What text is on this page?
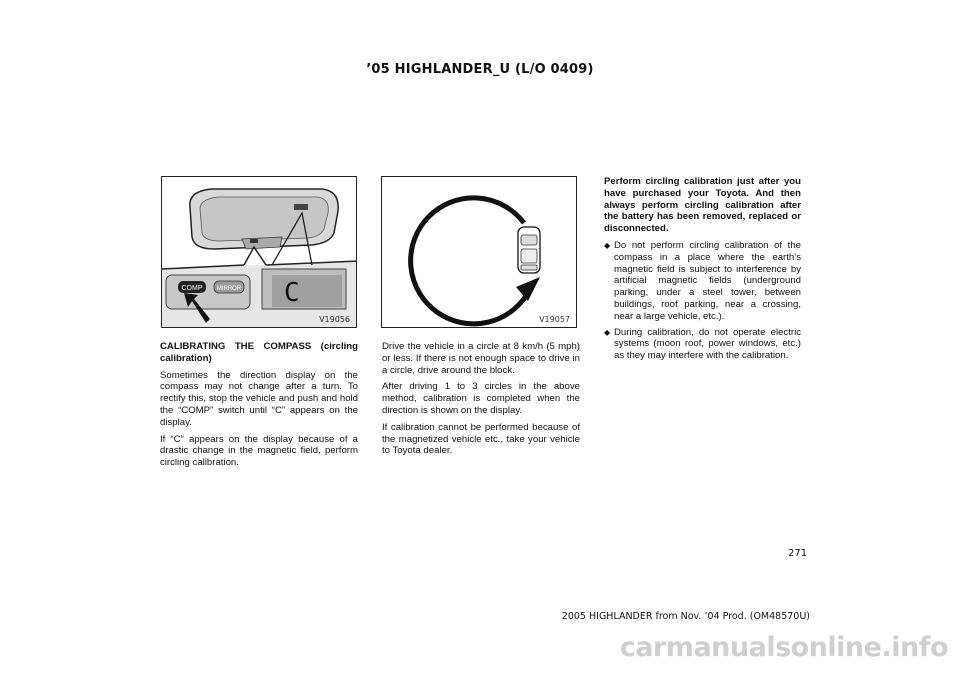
’05 HIGHLANDER_U (L/O 0409)
COMP MIRROR C
V19056	V19057

CALIBRATING THE COMPASS (circling calibration)

Sometimes the direction display on the compass may not change after a turn. To rectify this, stop the vehicle and push and hold the “COMP” switch until “C” appears on the display.

If “C” appears on the display because of a drastic change in the magnetic field, perform circling calibration.

Drive the vehicle in a circle at 8 km/h (5 mph) or less. If there is not enough space to drive in a circle, drive around the block.

After driving 1 to 3 circles in the above method, calibration is completed when the direction is shown on the display.

If calibration cannot be performed because of the magnetized vehicle etc., take your vehicle to Toyota dealer.

Perform circling calibration just after you have purchased your Toyota. And then always perform circling calibration after the battery has been removed, replaced or disconnected.

◆ Do not perform circling calibration of the compass in a place where the earth’s magnetic field is subject to interference by artificial magnetic fields (underground parking, under a steel tower, between buildings, roof parking, near a crossing, near a large vehicle, etc.).
◆ During calibration, do not operate electric systems (moon roof, power windows, etc.) as they may interfere with the calibration.
271
2005 HIGHLANDER from Nov. ’04 Prod. (OM48570U)
carmanualsonline.info
